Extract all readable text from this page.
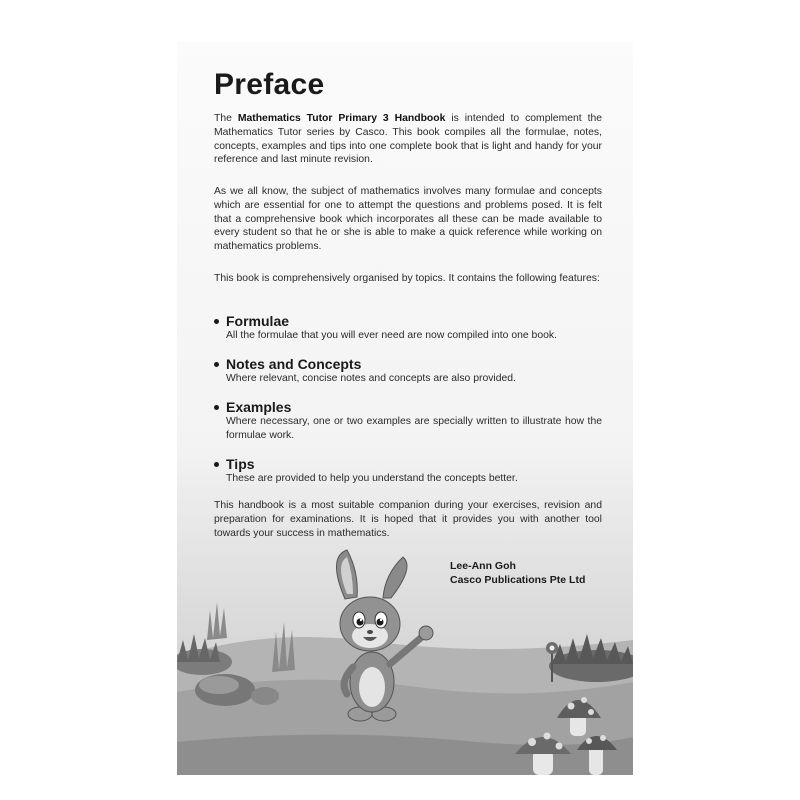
Preface

The Mathematics Tutor Primary 3 Handbook is intended to complement the Mathematics Tutor series by Casco. This book compiles all the formulae, notes, concepts, examples and tips into one complete book that is light and handy for your reference and last minute revision.

As we all know, the subject of mathematics involves many formulae and concepts which are essential for one to attempt the questions and problems posed. It is felt that a comprehensive book which incorporates all these can be made available to every student so that he or she is able to make a quick reference while working on mathematics problems.

This book is comprehensively organised by topics. It contains the following features:

Formulae
All the formulae that you will ever need are now compiled into one book.
Notes and Concepts
Where relevant, concise notes and concepts are also provided.
Examples
Where necessary, one or two examples are specially written to illustrate how the formulae work.
Tips
These are provided to help you understand the concepts better.

This handbook is a most suitable companion during your exercises, revision and preparation for examinations. It is hoped that it provides you with another tool towards your success in mathematics.

Lee-Ann Goh
Casco Publications Pte Ltd
